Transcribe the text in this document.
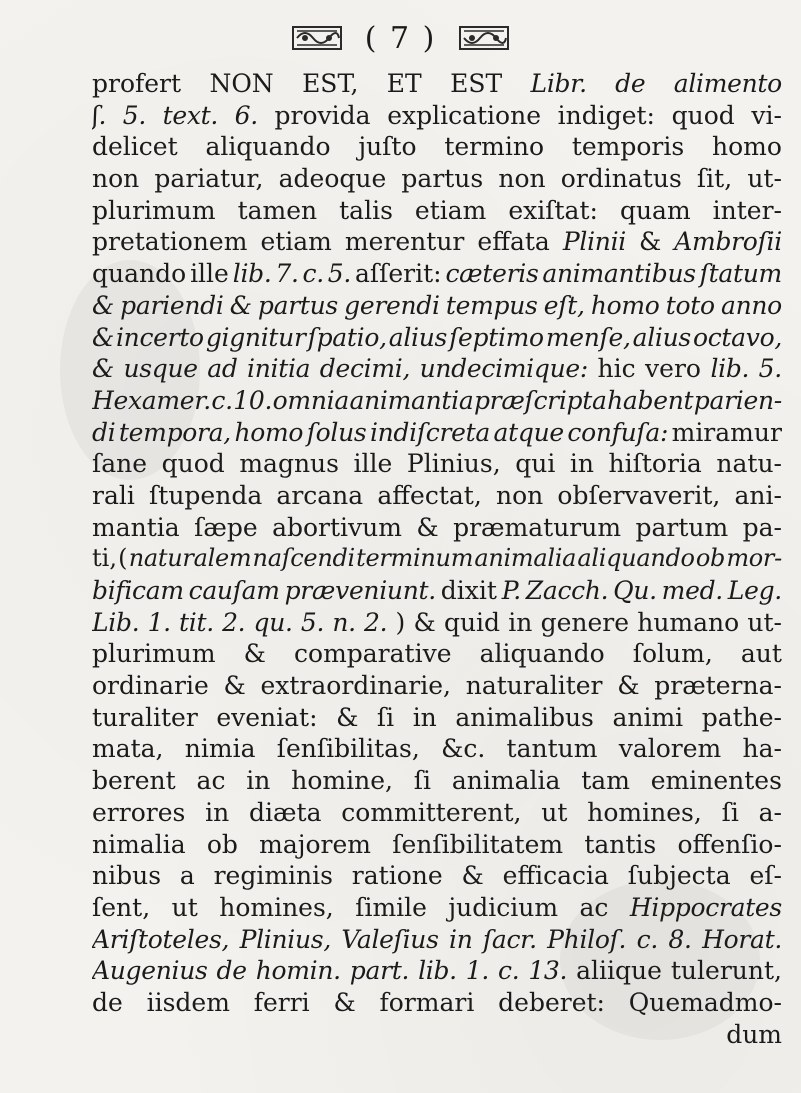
( 7 )
profert NON EST, ET EST Libr. de alimento
ʃ. 5. text. 6. provida explicatione indiget: quod vi-
delicet aliquando juſto termino temporis homo
non pariatur, adeoque partus non ordinatus ſit, ut-
plurimum tamen talis etiam exiſtat: quam inter-
pretationem etiam merentur effata Plinii & Ambroſii
quando ille lib. 7. c. 5. aſſerit: cæteris animantibus ſtatum
& pariendi & partus gerendi tempus eſt, homo toto anno
& incerto gignitur ſpatio, alius ſeptimo menſe, alius octavo,
& usque ad initia decimi, undecimique: hic vero lib. 5.
Hexamer. c. 10. omnia animantia præſcripta habent parien-
di tempora, homo ſolus indiſcreta atque confuſa: miramur
ſane quod magnus ille Plinius, qui in hiſtoria natu-
rali ſtupenda arcana affectat, non obſervaverit, ani-
mantia ſæpe abortivum & præmaturum partum pa-
ti, ( naturalem naſcendi terminum animalia aliquando ob mor-
bificam cauſam præveniunt. dixit P. Zacch. Qu. med. Leg.
Lib. 1. tit. 2. qu. 5. n. 2. ) & quid in genere humano ut-
plurimum & comparative aliquando ſolum, aut
ordinarie & extraordinarie, naturaliter & præterna-
turaliter eveniat: & ſi in animalibus animi pathe-
mata, nimia ſenſibilitas, &c. tantum valorem ha-
berent ac in homine, ſi animalia tam eminentes
errores in diæta committerent, ut homines, ſi a-
nimalia ob majorem ſenſibilitatem tantis offenſio-
nibus a regiminis ratione & efficacia ſubjecta eſ-
ſent, ut homines, ſimile judicium ac Hippocrates
Ariſtoteles, Plinius, Valeſius in ſacr. Philoſ. c. 8. Horat.
Augenius de homin. part. lib. 1. c. 13. aliique tulerunt,
de iisdem ferri & formari deberet: Quemadmo-
dum
